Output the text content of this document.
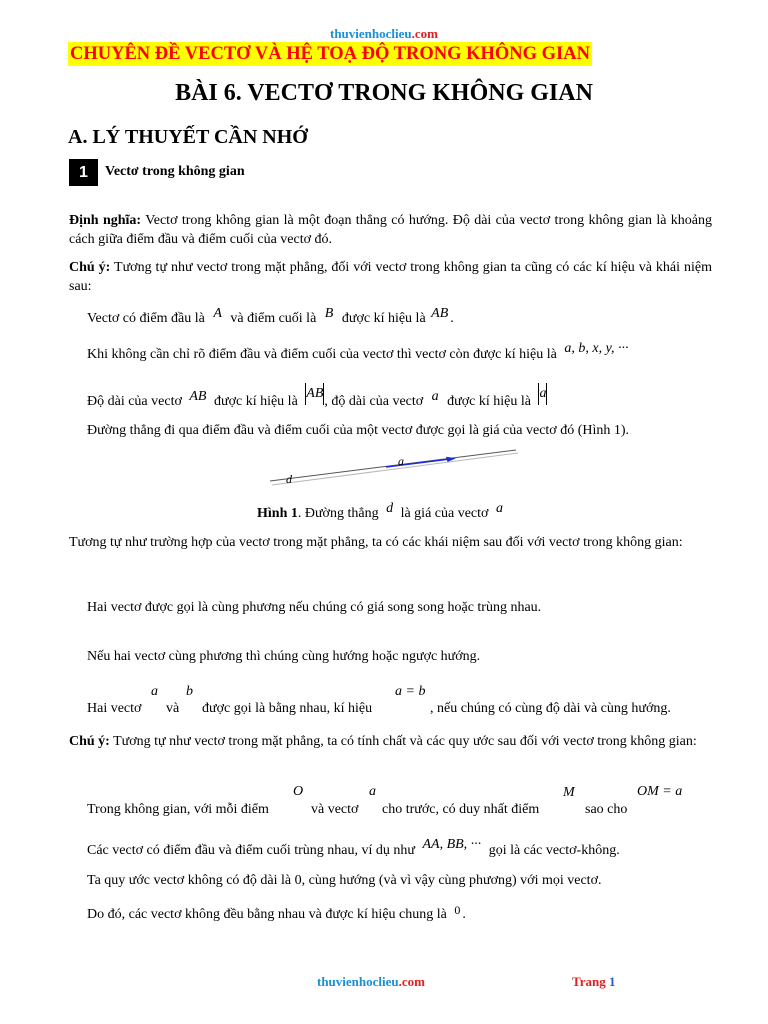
thuvienhoclieu.com
CHUYÊN ĐỀ VECTƠ VÀ HỆ TOẠ ĐỘ TRONG KHÔNG GIAN
BÀI 6. VECTƠ TRONG KHÔNG GIAN
A. LÝ THUYẾT CẦN NHỚ
1	Vectơ trong không gian
Định nghĩa: Vectơ trong không gian là một đoạn thẳng có hướng. Độ dài của vectơ trong không gian là khoảng cách giữa điểm đầu và điểm cuối của vectơ đó.
Chú ý: Tương tự như vectơ trong mặt phẳng, đối với vectơ trong không gian ta cũng có các kí hiệu và khái niệm sau:
Vectơ có điểm đầu là A và điểm cuối là B được kí hiệu là AB .
Khi không cần chỉ rõ điểm đầu và điểm cuối của vectơ thì vectơ còn được kí hiệu là a, b, x, y, ···
Độ dài của vectơ AB được kí hiệu là AB, độ dài của vectơ a được kí hiệu là a
Đường thẳng đi qua điểm đầu và điểm cuối của một vectơ được gọi là giá của vectơ đó (Hình 1).
d
a
Hình 1. Đường thẳng d là giá của vectơ a
Tương tự như trường hợp của vectơ trong mặt phẳng, ta có các khái niệm sau đối với vectơ trong không gian:
Hai vectơ được gọi là cùng phương nếu chúng có giá song song hoặc trùng nhau.
Nếu hai vectơ cùng phương thì chúng cùng hướng hoặc ngược hướng.
a b	a = b
Hai vectơ và được gọi là bằng nhau, kí hiệu	, nếu chúng có cùng độ dài và cùng hướng.
Chú ý: Tương tự như vectơ trong mặt phẳng, ta có tính chất và các quy ước sau đối với vectơ trong không gian:
O	a	M	OM = a
Trong không gian, với mỗi điểm	và vectơ cho trước, có duy nhất điểm	sao cho
Các vectơ có điểm đầu và điểm cuối trùng nhau, ví dụ như AA, BB, ··· gọi là các vectơ-không.
Ta quy ước vectơ không có độ dài là 0, cùng hướng (và vì vậy cùng phương) với mọi vectơ.
Do đó, các vectơ không đều bằng nhau và được kí hiệu chung là 0 .
thuvienhoclieu.com	Trang 1
